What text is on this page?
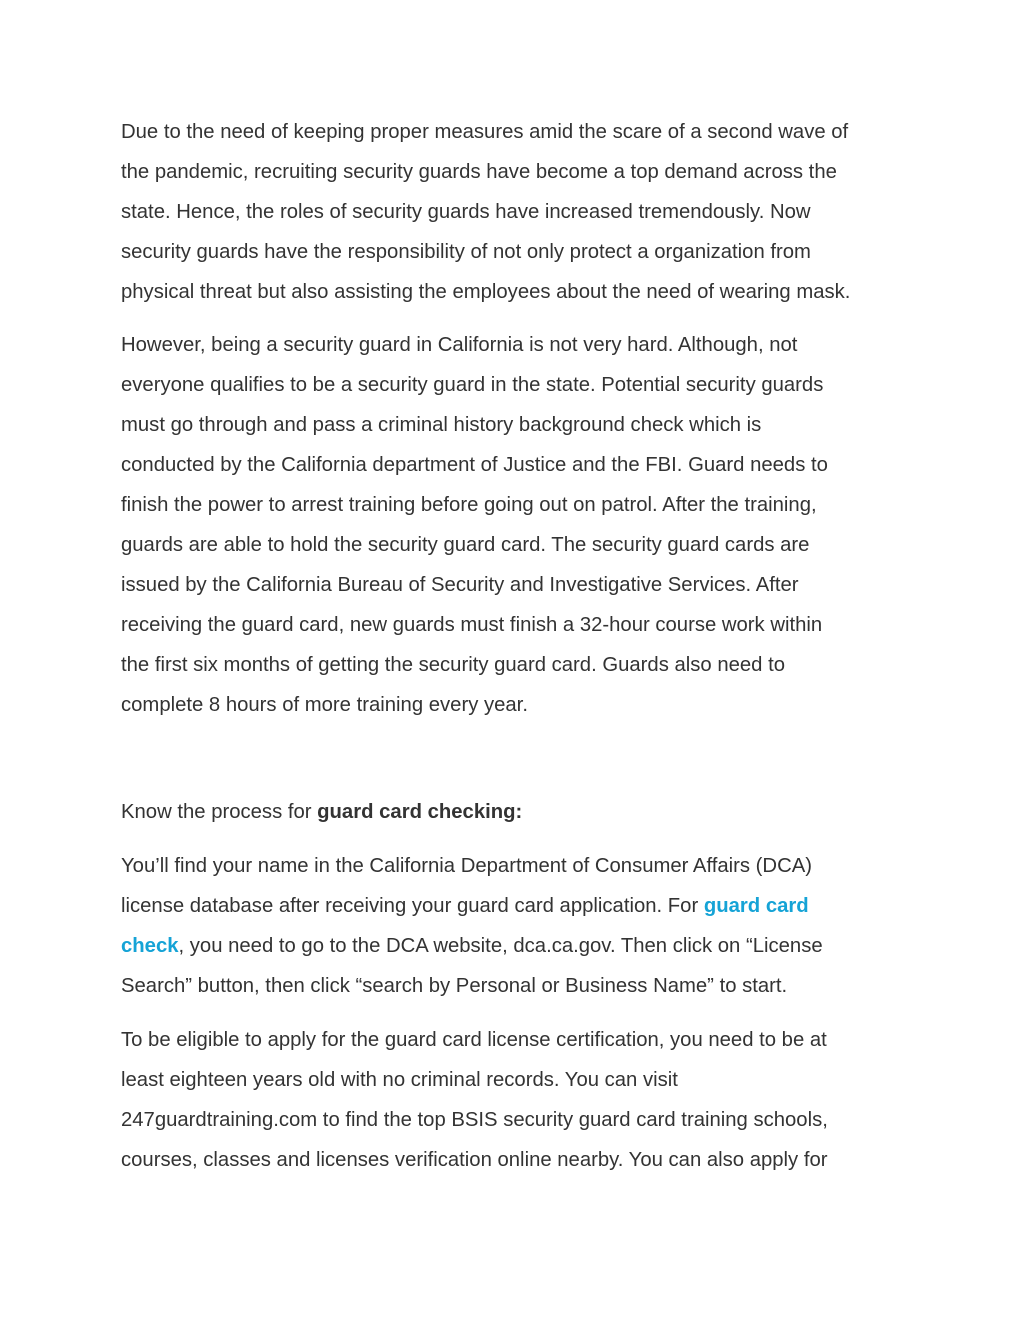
Due to the need of keeping proper measures amid the scare of a second wave of

the pandemic, recruiting security guards have become a top demand across the

state. Hence, the roles of security guards have increased tremendously. Now

security guards have the responsibility of not only protect a organization from

physical threat but also assisting the employees about the need of wearing mask.

However, being a security guard in California is not very hard. Although, not

everyone qualifies to be a security guard in the state. Potential security guards

must go through and pass a criminal history background check which is

conducted by the California department of Justice and the FBI. Guard needs to

finish the power to arrest training before going out on patrol. After the training,

guards are able to hold the security guard card. The security guard cards are

issued by the California Bureau of Security and Investigative Services. After

receiving the guard card, new guards must finish a 32-hour course work within

the first six months of getting the security guard card. Guards also need to

complete 8 hours of more training every year.

Know the process for guard card checking:

You’ll find your name in the California Department of Consumer Affairs (DCA)

license database after receiving your guard card application. For guard card

check, you need to go to the DCA website, dca.ca.gov. Then click on “License

Search” button, then click “search by Personal or Business Name” to start.

To be eligible to apply for the guard card license certification, you need to be at

least eighteen years old with no criminal records. You can visit

247guardtraining.com to find the top BSIS security guard card training schools,

courses, classes and licenses verification online nearby. You can also apply for
